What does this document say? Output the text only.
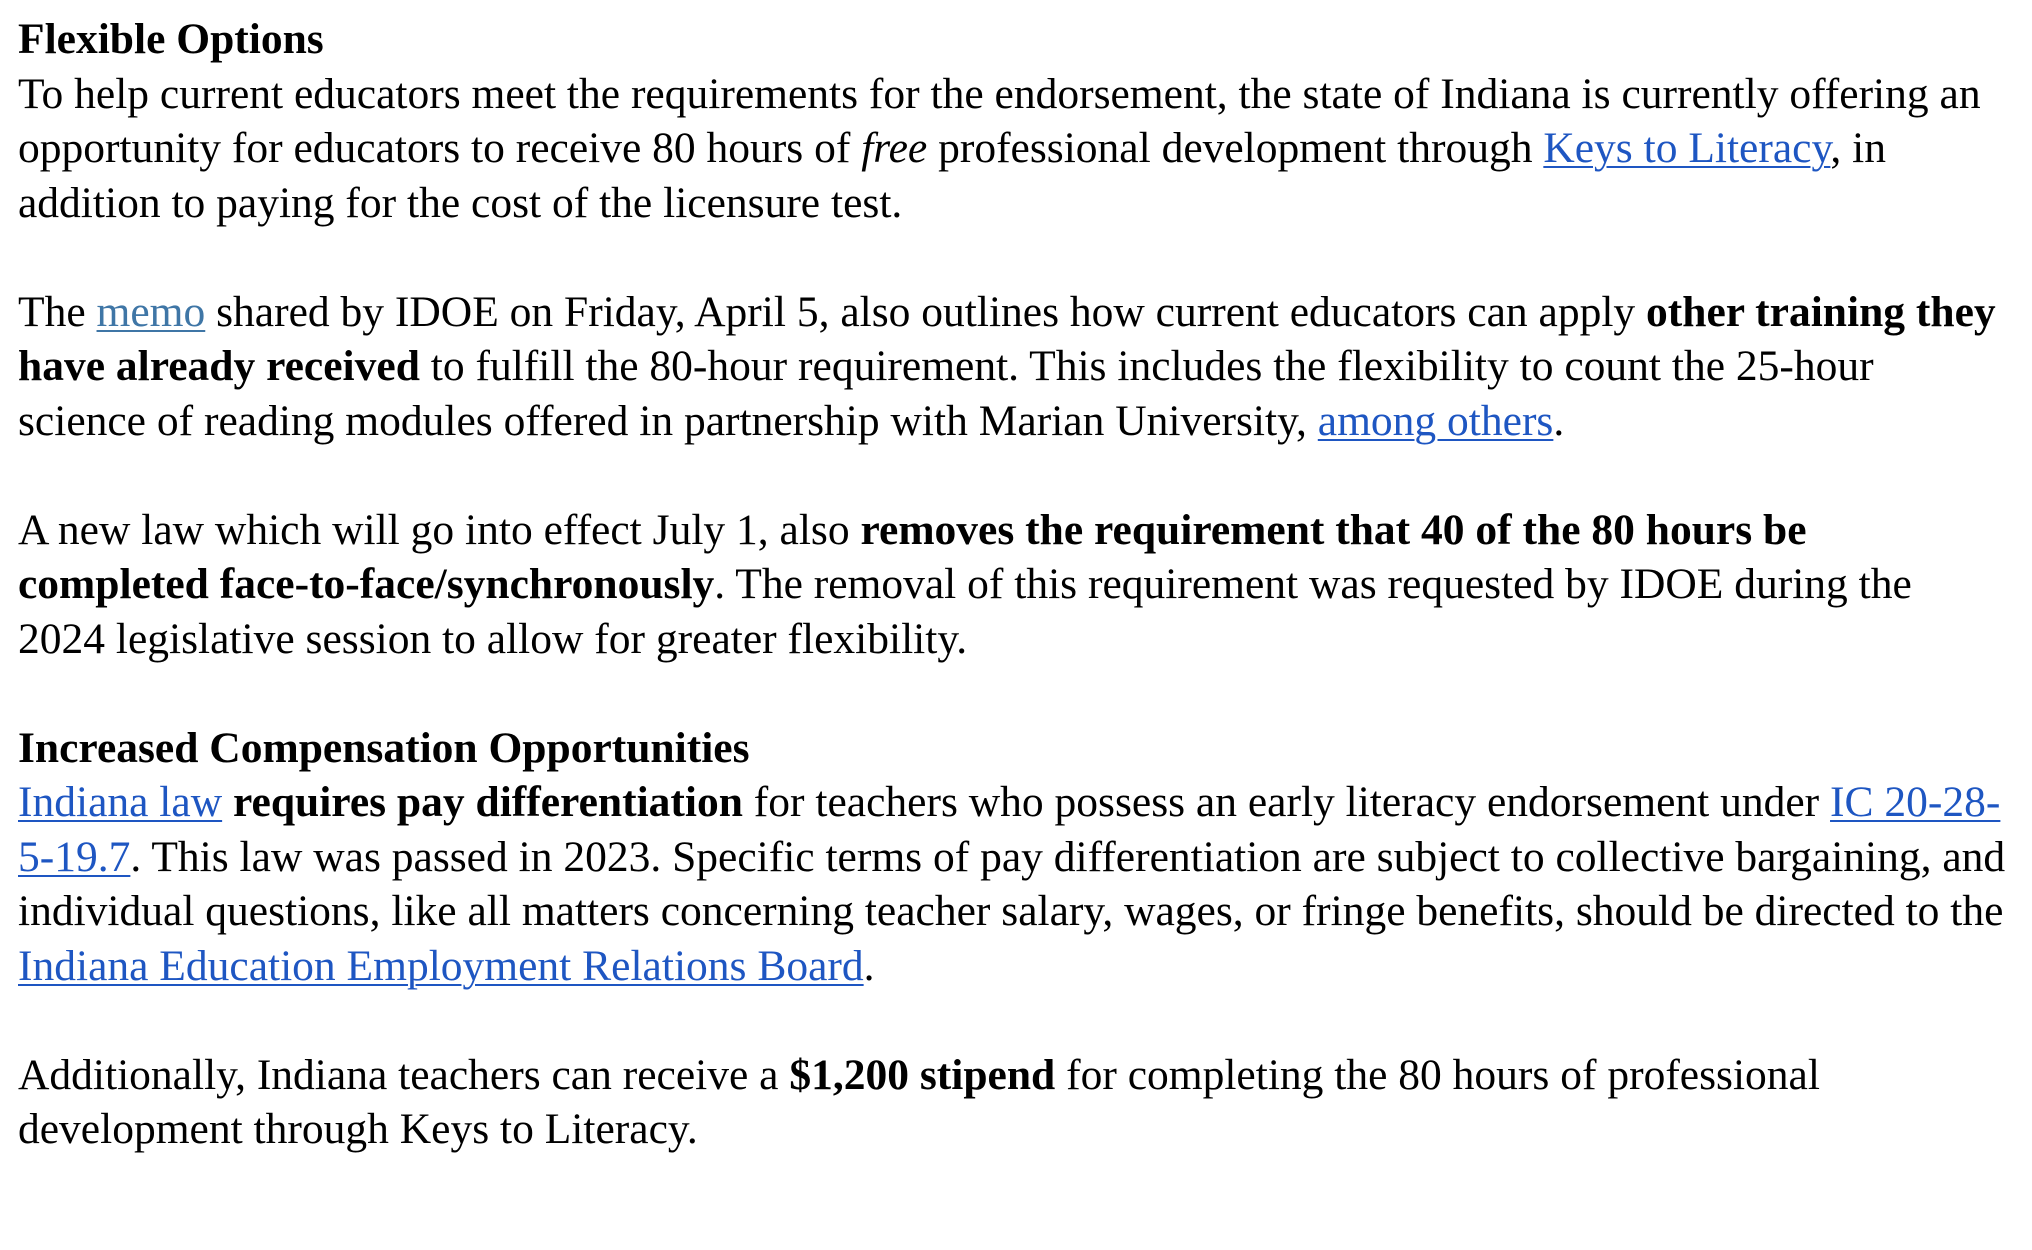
Flexible Options
To help current educators meet the requirements for the endorsement, the state of Indiana is currently offering an opportunity for educators to receive 80 hours of free professional development through Keys to Literacy, in addition to paying for the cost of the licensure test.
The memo shared by IDOE on Friday, April 5, also outlines how current educators can apply other training they have already received to fulfill the 80-hour requirement. This includes the flexibility to count the 25-hour science of reading modules offered in partnership with Marian University, among others.
A new law which will go into effect July 1, also removes the requirement that 40 of the 80 hours be completed face-to-face/synchronously. The removal of this requirement was requested by IDOE during the 2024 legislative session to allow for greater flexibility.
Increased Compensation Opportunities
Indiana law requires pay differentiation for teachers who possess an early literacy endorsement under IC 20-28-5-19.7. This law was passed in 2023. Specific terms of pay differentiation are subject to collective bargaining, and individual questions, like all matters concerning teacher salary, wages, or fringe benefits, should be directed to the Indiana Education Employment Relations Board.
Additionally, Indiana teachers can receive a $1,200 stipend for completing the 80 hours of professional development through Keys to Literacy.
